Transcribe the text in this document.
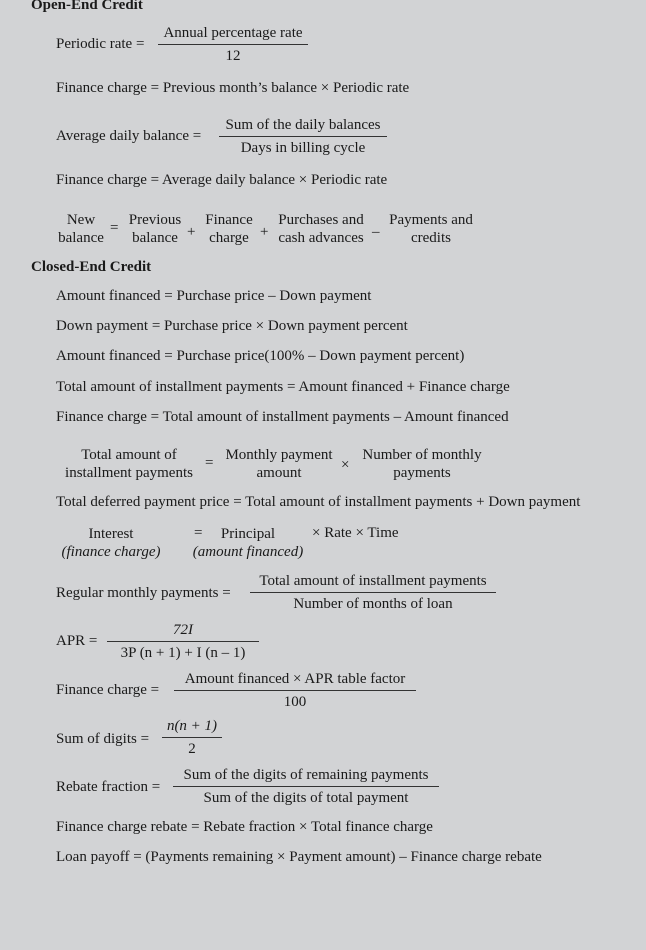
Open-End Credit
Periodic rate =
Annual percentage rate
12
Finance charge = Previous month’s balance × Periodic rate
Average daily balance =
Sum of the daily balances
Days in billing cycle
Finance charge = Average daily balance × Periodic rate
New
balance
= Previous
balance +
Finance
charge +
Purchases and
cash advances –
Payments and
credits
Closed-End Credit
Amount financed = Purchase price – Down payment
Down payment = Purchase price × Down payment percent
Amount financed = Purchase price(100% – Down payment percent)
Total amount of installment payments = Amount financed + Finance charge
Finance charge = Total amount of installment payments – Amount financed
Total amount of
installment payments
= Monthly payment
amount	×
Number of monthly
payments
Total deferred payment price = Total amount of installment payments + Down payment
Interest
(finance charge)
=	Principal
(amount financed)
× Rate × Time
Regular monthly payments =
Total amount of installment payments
Number of months of loan
APR =
72I
3P (n + 1) + I (n – 1)
Finance charge =
Amount financed × APR table factor
100
Sum of digits =
n(n + 1)
2
Rebate fraction =
Sum of the digits of remaining payments
Sum of the digits of total payment
Finance charge rebate = Rebate fraction × Total finance charge
Loan payoff = (Payments remaining × Payment amount) – Finance charge rebate
